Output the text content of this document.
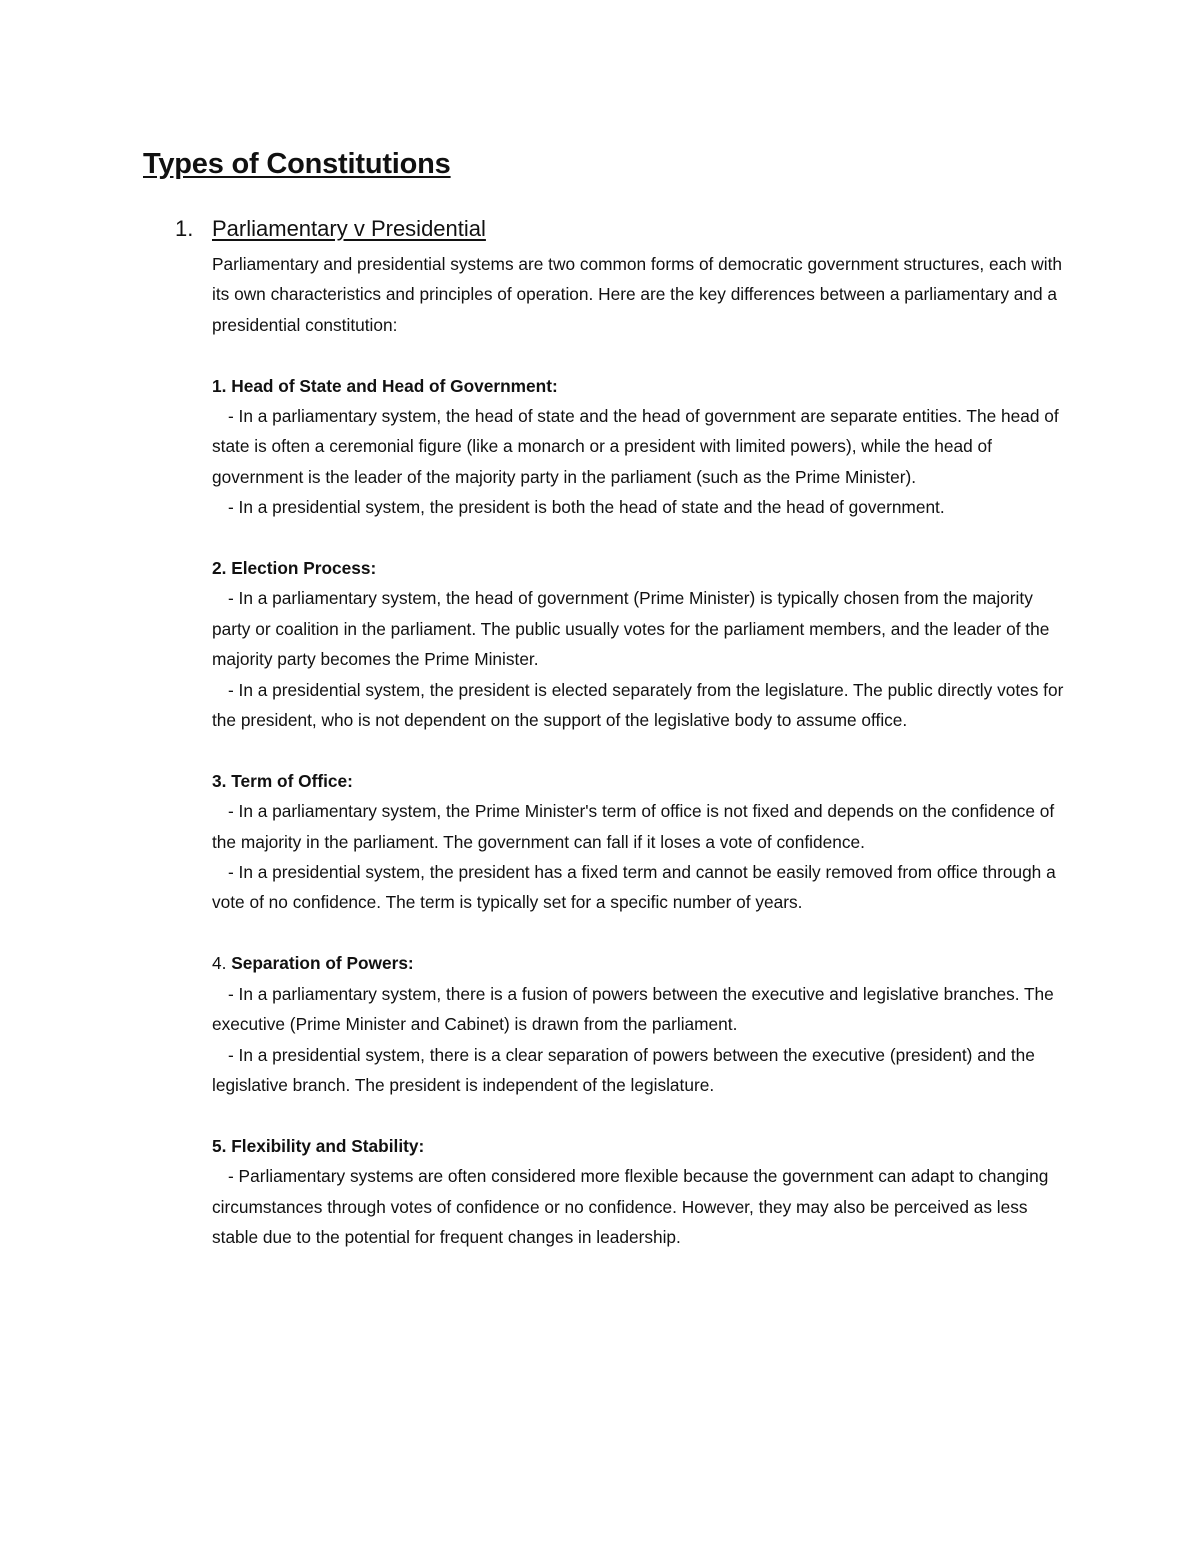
Types of Constitutions
1. Parliamentary v Presidential

Parliamentary and presidential systems are two common forms of democratic government structures, each with its own characteristics and principles of operation. Here are the key differences between a parliamentary and a presidential constitution:

1. Head of State and Head of Government:

- In a parliamentary system, the head of state and the head of government are separate entities. The head of state is often a ceremonial figure (like a monarch or a president with limited powers), while the head of government is the leader of the majority party in the parliament (such as the Prime Minister).

- In a presidential system, the president is both the head of state and the head of government.

2. Election Process:

- In a parliamentary system, the head of government (Prime Minister) is typically chosen from the majority party or coalition in the parliament. The public usually votes for the parliament members, and the leader of the majority party becomes the Prime Minister.

- In a presidential system, the president is elected separately from the legislature. The public directly votes for the president, who is not dependent on the support of the legislative body to assume office.

3. Term of Office:

- In a parliamentary system, the Prime Minister's term of office is not fixed and depends on the confidence of the majority in the parliament. The government can fall if it loses a vote of confidence.

- In a presidential system, the president has a fixed term and cannot be easily removed from office through a vote of no confidence. The term is typically set for a specific number of years.

4. Separation of Powers:

- In a parliamentary system, there is a fusion of powers between the executive and legislative branches. The executive (Prime Minister and Cabinet) is drawn from the parliament.

- In a presidential system, there is a clear separation of powers between the executive (president) and the legislative branch. The president is independent of the legislature.

5. Flexibility and Stability:

- Parliamentary systems are often considered more flexible because the government can adapt to changing circumstances through votes of confidence or no confidence. However, they may also be perceived as less stable due to the potential for frequent changes in leadership.
